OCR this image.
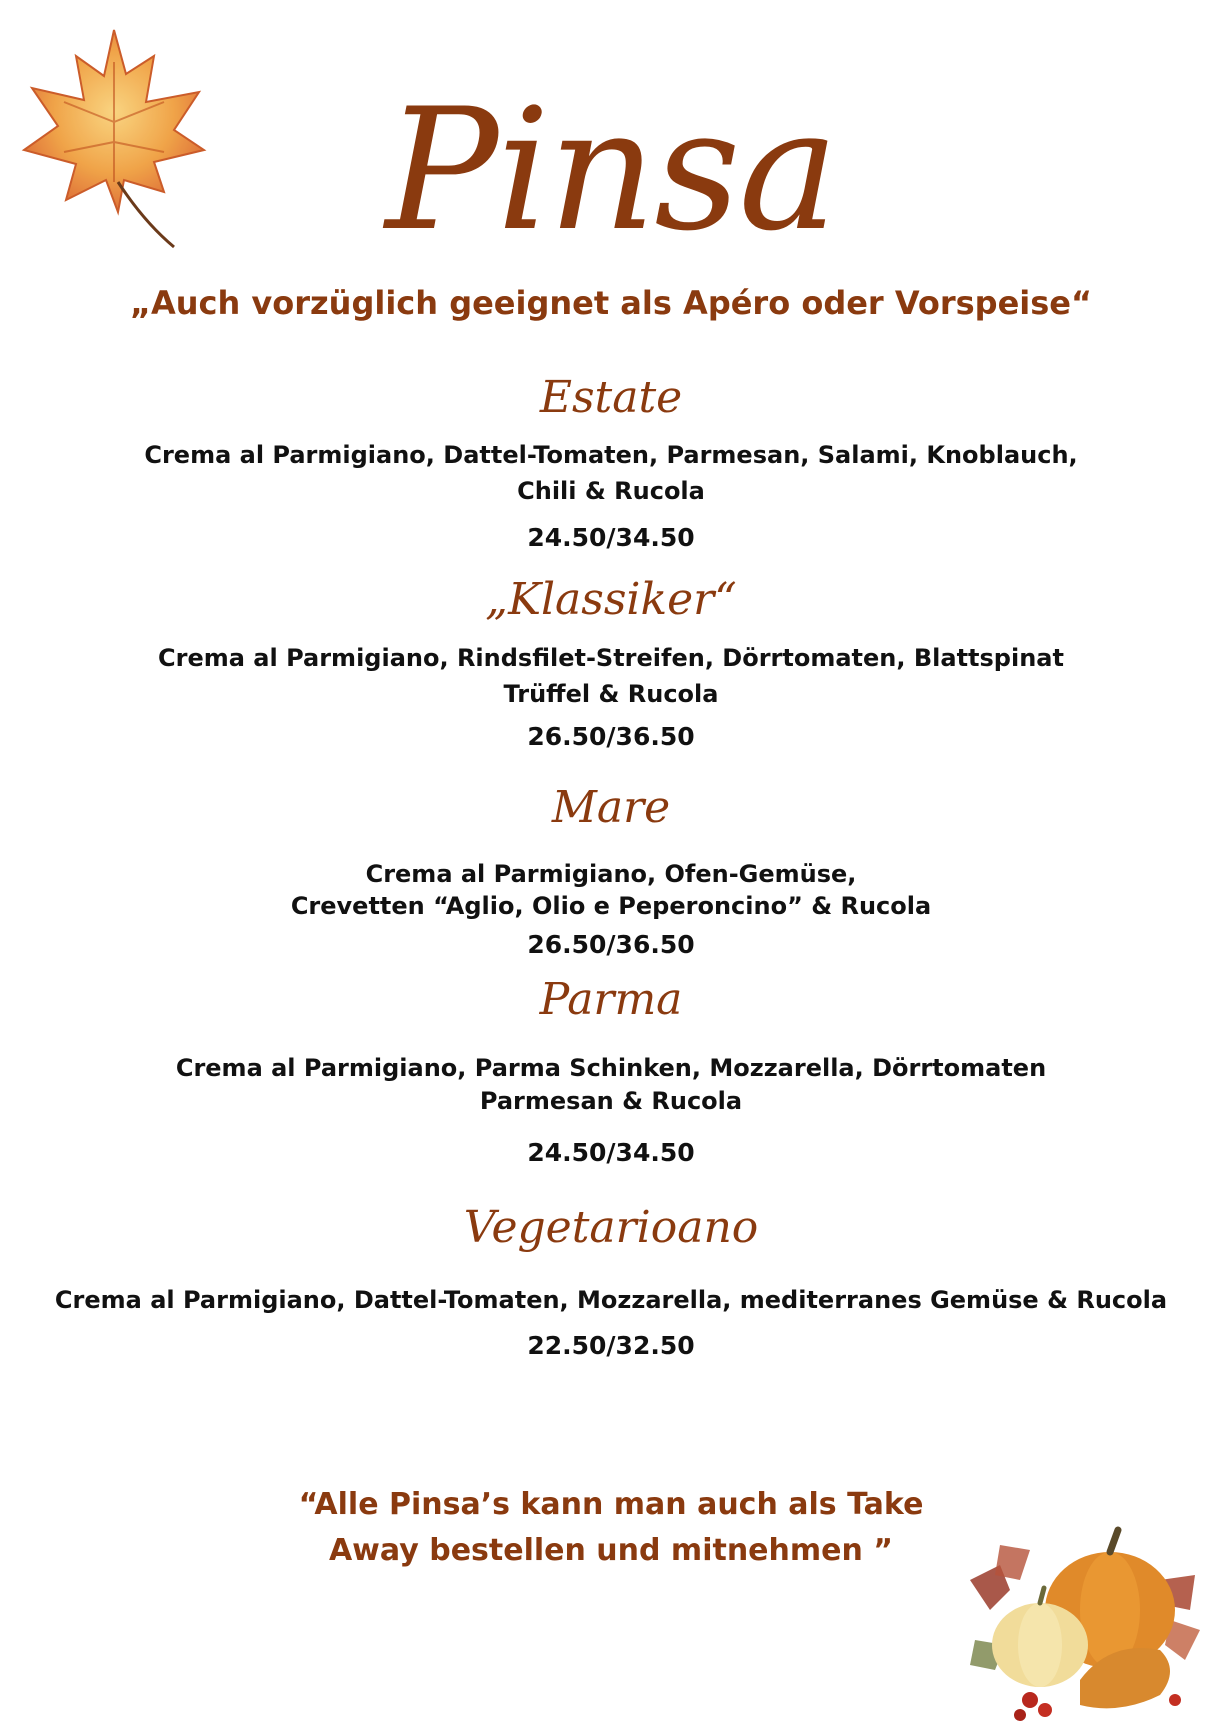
Pinsa
„Auch vorzüglich geeignet als Apéro oder Vorspeise“
Estate
Crema al Parmigiano, Dattel-Tomaten, Parmesan, Salami, Knoblauch,
Chili & Rucola
24.50/34.50
„Klassiker“
Crema al Parmigiano, Rindsfilet-Streifen, Dörrtomaten, Blattspinat
Trüffel & Rucola
26.50/36.50
Mare
Crema al Parmigiano, Ofen-Gemüse,
Crevetten “Aglio, Olio e Peperoncino” & Rucola
26.50/36.50
Parma
Crema al Parmigiano, Parma Schinken, Mozzarella, Dörrtomaten
Parmesan & Rucola
24.50/34.50
Vegetarioano
Crema al Parmigiano, Dattel-Tomaten, Mozzarella, mediterranes Gemüse & Rucola
22.50/32.50
“Alle Pinsa’s kann man auch als Take
Away bestellen und mitnehmen ”
